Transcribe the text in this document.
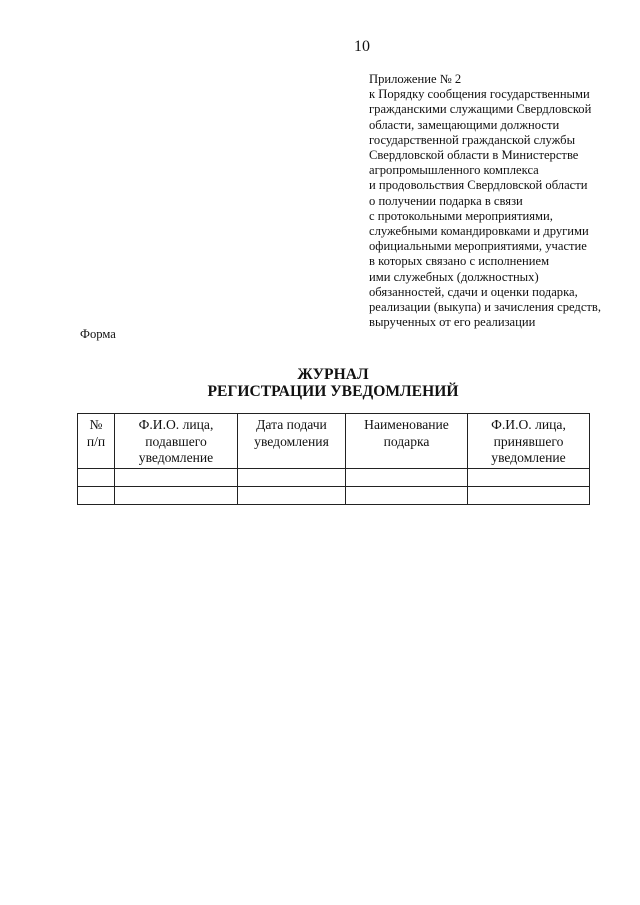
10
Приложение № 2
к Порядку сообщения государственными
гражданскими служащими Свердловской
области, замещающими должности
государственной гражданской службы
Свердловской области в Министерстве
агропромышленного комплекса
и продовольствия Свердловской области
о получении подарка в связи
с протокольными мероприятиями,
служебными командировками и другими
официальными мероприятиями, участие
в которых связано с исполнением
ими служебных (должностных)
обязанностей, сдачи и оценки подарка,
реализации (выкупа) и зачисления средств,
вырученных от его реализации
Форма
ЖУРНАЛ
РЕГИСТРАЦИИ УВЕДОМЛЕНИЙ
№
п/п	Ф.И.О. лица,
подавшего
уведомление	Дата подачи
уведомления	Наименование
подарка	Ф.И.О. лица,
принявшего
уведомление
